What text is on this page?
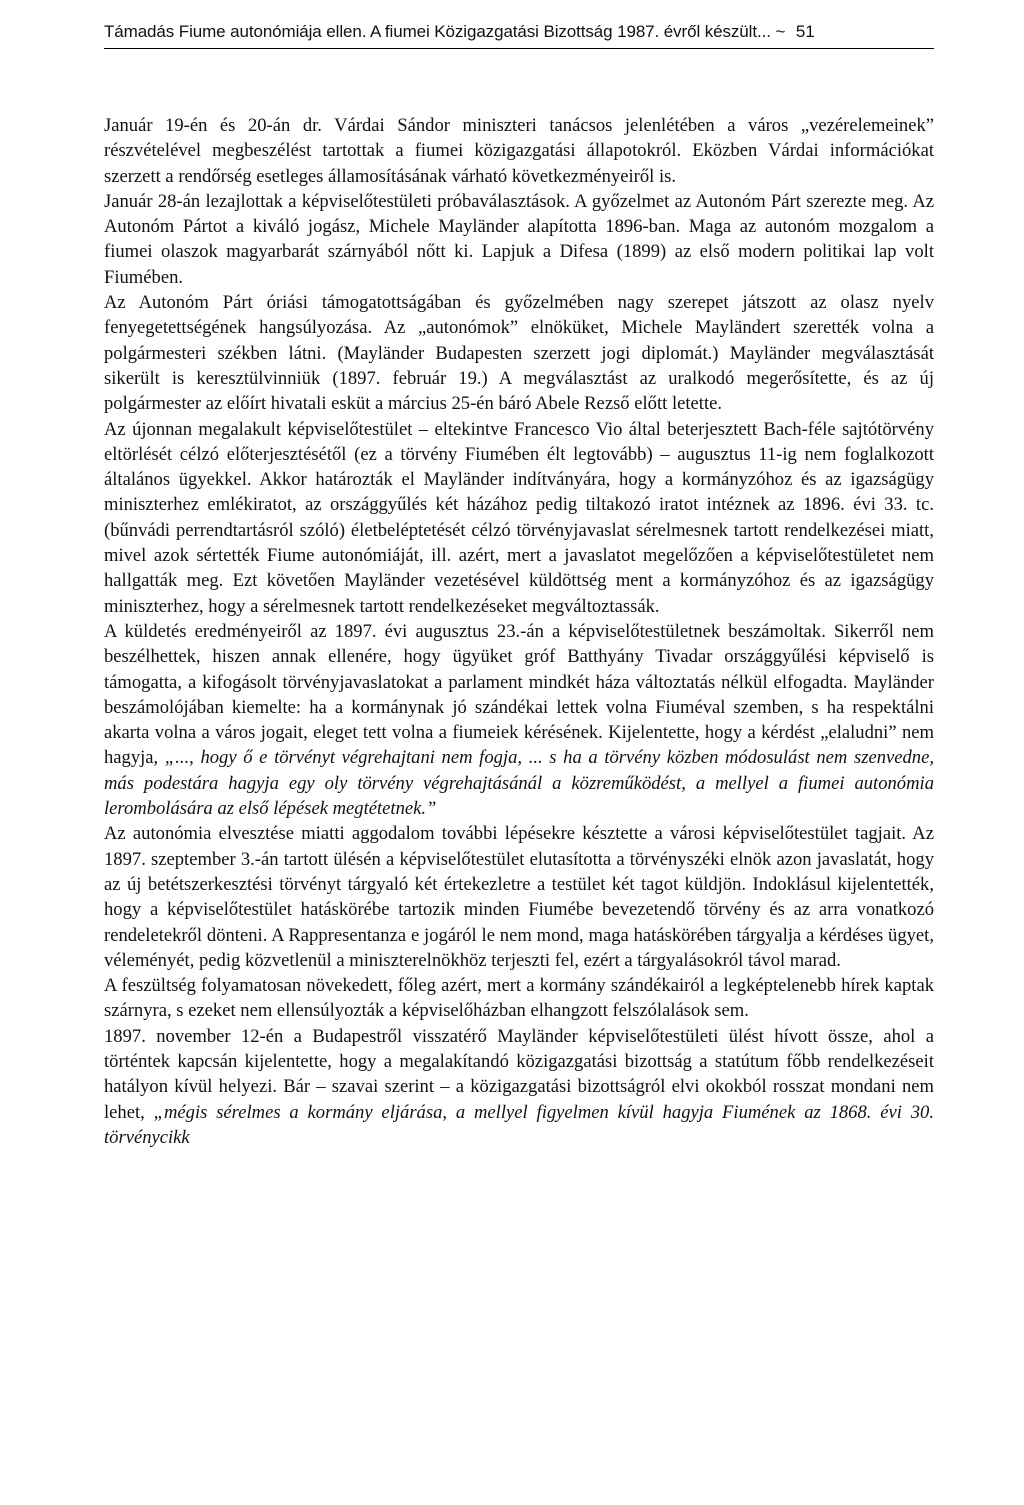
Támadás Fiume autonómiája ellen. A fiumei Közigazgatási Bizottság 1987. évről készült... ~ 51

Január 19-én és 20-án dr. Várdai Sándor miniszteri tanácsos jelenlétében a város „vezérelemeinek” részvételével megbeszélést tartottak a fiumei közigazgatási állapotokról. Eközben Várdai információkat szerzett a rendőrség esetleges államosításának várható következményeiről is.

Január 28-án lezajlottak a képviselőtestületi próbaválasztások. A győzelmet az Autonóm Párt szerezte meg. Az Autonóm Pártot a kiváló jogász, Michele Mayländer alapította 1896-ban. Maga az autonóm mozgalom a fiumei olaszok magyarbarát szárnyából nőtt ki. Lapjuk a Difesa (1899) az első modern politikai lap volt Fiumében.

Az Autonóm Párt óriási támogatottságában és győzelmében nagy szerepet játszott az olasz nyelv fenyegetettségének hangsúlyozása. Az „autonómok” elnöküket, Michele Mayländert szerették volna a polgármesteri székben látni. (Mayländer Budapesten szerzett jogi diplomát.) Mayländer megválasztását sikerült is keresztülvinniük (1897. február 19.) A megválasztást az uralkodó megerősítette, és az új polgármester az előírt hivatali esküt a március 25-én báró Abele Rezső előtt letette.

Az újonnan megalakult képviselőtestület – eltekintve Francesco Vio által beterjesztett Bach-féle sajtótörvény eltörlését célzó előterjesztésétől (ez a törvény Fiumében élt legtovább) – augusztus 11-ig nem foglalkozott általános ügyekkel. Akkor határozták el Mayländer indítványára, hogy a kormányzóhoz és az igazságügy miniszterhez emlékiratot, az országgyűlés két házához pedig tiltakozó iratot intéznek az 1896. évi 33. tc. (bűnvádi perrendtartásról szóló) életbeléptetését célzó törvényjavaslat sérelmesnek tartott rendelkezései miatt, mivel azok sértették Fiume autonómiáját, ill. azért, mert a javaslatot megelőzően a képviselőtestületet nem hallgatták meg. Ezt követően Mayländer vezetésével küldöttség ment a kormányzóhoz és az igazságügy miniszterhez, hogy a sérelmesnek tartott rendelkezéseket megváltoztassák.

A küldetés eredményeiről az 1897. évi augusztus 23.-án a képviselőtestületnek beszámoltak. Sikerről nem beszélhettek, hiszen annak ellenére, hogy ügyüket gróf Batthyány Tivadar országgyűlési képviselő is támogatta, a kifogásolt törvényjavaslatokat a parlament mindkét háza változtatás nélkül elfogadta. Mayländer beszámolójában kiemelte: ha a kormánynak jó szándékai lettek volna Fiuméval szemben, s ha respektálni akarta volna a város jogait, eleget tett volna a fiumeiek kérésének. Kijelentette, hogy a kérdést „elaludni” nem hagyja, „..., hogy ő e törvényt végrehajtani nem fogja, ... s ha a törvény közben módosulást nem szenvedne, más podestára hagyja egy oly törvény végrehajtásánál a közreműködést, a mellyel a fiumei autonómia lerombolására az első lépések megtétetnek.”

Az autonómia elvesztése miatti aggodalom további lépésekre késztette a városi képviselőtestület tagjait. Az 1897. szeptember 3.-án tartott ülésén a képviselőtestület elutasította a törvényszéki elnök azon javaslatát, hogy az új betétszerkesztési törvényt tárgyaló két értekezletre a testület két tagot küldjön. Indoklásul kijelentették, hogy a képviselőtestület hatáskörébe tartozik minden Fiumébe bevezetendő törvény és az arra vonatkozó rendeletekről dönteni. A Rappresentanza e jogáról le nem mond, maga hatáskörében tárgyalja a kérdéses ügyet, véleményét, pedig közvetlenül a miniszterelnökhöz terjeszti fel, ezért a tárgyalásokról távol marad.

A feszültség folyamatosan növekedett, főleg azért, mert a kormány szándékairól a legképtelenebb hírek kaptak szárnyra, s ezeket nem ellensúlyozták a képviselőházban elhangzott felszólalások sem.

1897. november 12-én a Budapestről visszatérő Mayländer képviselőtestületi ülést hívott össze, ahol a történtek kapcsán kijelentette, hogy a megalakítandó közigazgatási bizottság a statútum főbb rendelkezéseit hatályon kívül helyezi. Bár – szavai szerint – a közigazgatási bizottságról elvi okokból rosszat mondani nem lehet, „mégis sérelmes a kormány eljárása, a mellyel figyelmen kívül hagyja Fiumének az 1868. évi 30. törvénycikk
